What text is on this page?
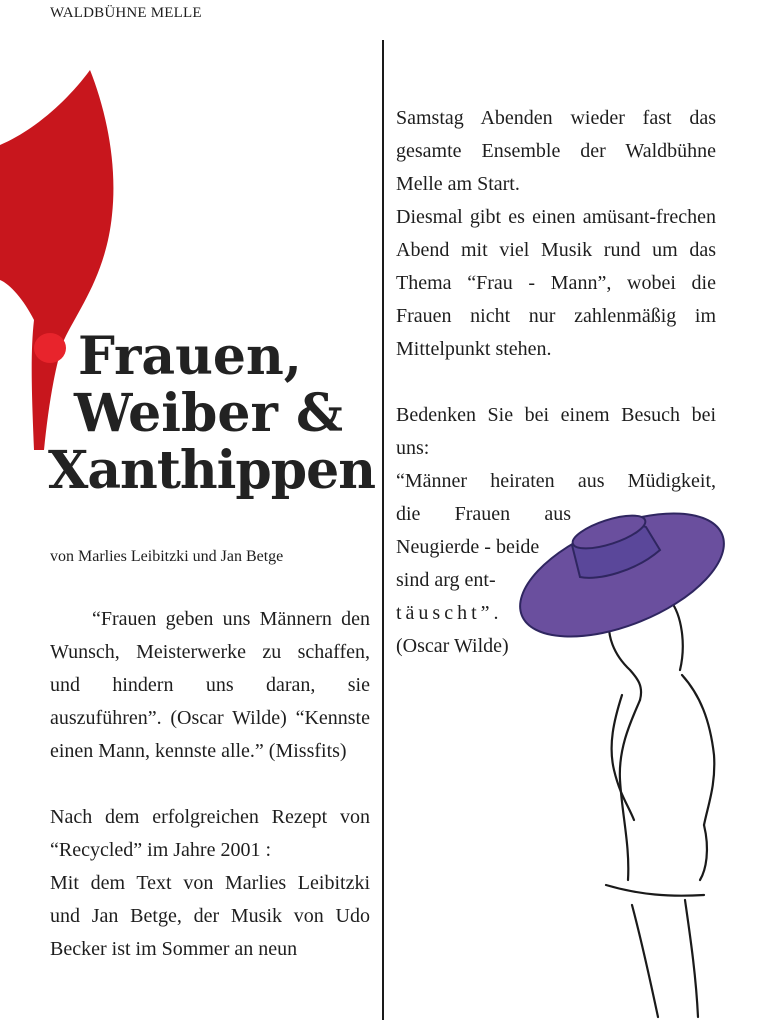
WALDBÜHNE MELLE
Frauen,
Weiber &
Xanthippen
von Marlies Leibitzki und Jan Betge

“Frauen geben uns Männern den Wunsch, Meisterwerke zu schaffen, und hindern uns daran, sie auszuführen”. (Oscar Wilde) “Kennste einen Mann, kennste alle.” (Missfits)

Nach dem erfolgreichen Rezept von “Recycled” im Jahre 2001 :

Mit dem Text von Marlies Leibitzki und Jan Betge, der Musik von Udo Becker ist im Sommer an neun

Samstag Abenden wieder fast das gesamte Ensemble der Waldbühne Melle am Start.

Diesmal gibt es einen amüsant-frechen Abend mit viel Musik rund um das Thema “Frau - Mann”, wobei die Frauen nicht nur zahlenmäßig im Mittelpunkt stehen.

Bedenken Sie bei einem Besuch bei uns:

“Männer heiraten aus Müdigkeit,
die Frauen aus
Neugierde - beide
sind arg ent-
täuscht”.
(Oscar Wilde)
